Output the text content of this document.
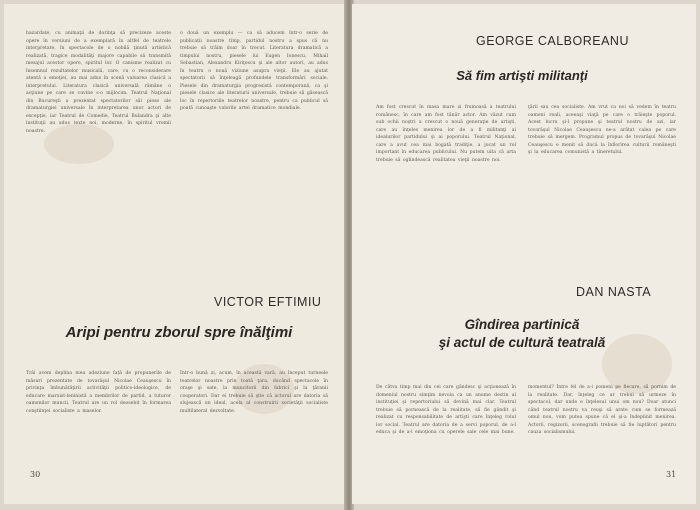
bazardate, cu animaţii de dorinţa să precizeze aceste opere în versiuni de a exemplară în altfel de teatrele interpretate, în spectacole de o nobilă ţinută artistică realizată, tragice modalităţi majore capabile să transmită mesajul acestor opere, spiritul lor. O canisme realizat cu însemnul rezultatelor musicală, care, cu o reconsiderare atentă a emoţiei, au mai adus în scenă valoarea clasică a interpretului. Literatura clasică universală rămâne o acţiune pe care se cuvine s-o mijlocim. Teatrul Naţional din Bucureşti a prezentat spectatorilor săi piese ale dramaturgiei universale în interpretarea unor actori de excepţie, iar Teatrul de Comedie, Teatrul Bulandra şi alte instituţii au adus texte noi, moderne, în spiritul vremii noastre.
o două un exemplu — ca să aducem într-o serie de publicații noastre timp, partidul nostru a spus că nu trebuie să trăim doar în trecut. Literatura dramatică a timpului nostru, piesele lui Eugen Ionescu, Mihail Sebastian, Alexandru Kiriţescu şi ale altor autori, au adus în teatru o nouă viziune asupra vieţii. Ele au ajutat spectatorii să înţeleagă profundele transformări sociale. Piesele din dramaturgia progresistă contemporană, ca şi piesele clasice ale literaturii universale, trebuie să găsească loc în repertoriile teatrelor noastre, pentru ca publicul să poată cunoaşte valorile artei dramatice mondiale.
VICTOR EFTIMIU
Aripi pentru zborul spre înălţimi
Trăi avem deplina mea adeziune față de propunerile de măsuri prezentate de tovarăşul Nicolae Ceauşescu în privinţa îmbunătăţirii activităţii politico-ideologice, de educare marxist-leninistă a membrilor de partid, a tuturor oamenilor muncii. Teatrul are un rol deosebit în formarea conştiinţei socialiste a maselor.
Într-o bună zi, acum, în această vară, au început turneele teatrelor noastre prin toată ţara, ducând spectacole în oraşe şi sate, la muncitorii din fabrici şi la ţăranii cooperatori. Dar ei trebuie să ştie că actorul are datoria să slujească un ideal, acela al construirii societăţii socialiste multilateral dezvoltate.
30
GEORGE CALBOREANU
Să fim artişti militanţi
Am fost crescut în masa mare și frumoasă a teatrului românesc, în care am fost tânăr actor. Am văzut cum sub ochii noştri a crescut o nouă generaţie de artişti, care au înţeles menirea lor de a fi militanţi ai idealurilor partidului şi ai poporului. Teatrul Naţional, care a avut cea mai bogată tradiţie, a jucat un rol important în educarea publicului. Nu putem uita că arta trebuie să oglindească realitatea vieţii noastre noi.
ţării sau cea socialiste. Am vrut ca noi să vedem în teatru oameni reali, aceeaşi viaţă pe care o trăieşte poporul. Acest lucru şi-l propune şi teatrul nostru de azi, iar tovarăşul Nicolae Ceauşescu ne-a arătat calea pe care trebuie să mergem. Programul propus de tovarăşul Nicolae Ceauşescu e menit să ducă la înflorirea culturii româneşti şi la educarea comunistă a tineretului.
DAN NASTA
Gîndirea partinică
şi actul de cultură teatrală
De câtva timp mai din cei care gândesc şi acţionează în domeniul nostru simţim nevoia ca un anume destin al instituţiei şi repertoriului să devină mai clar. Teatrul trebuie să pornească de la realitate, să fie gândit şi realizat cu responsabilitate de artişti care înţeleg rolul lor social. Teatrul are datoria de a servi poporul, de a-l educa şi de a-l emoţiona cu operele sale cele mai bune.
momentul? Între fel de a-i pomeni pe fiecare, să pornim de la realitate. Dar, înţeleg ce ar trebui să urmeze în spectacol, dar unde e înţelesul unui om nou? Doar atunci când teatrul nostru va reuşi să arate cum se formează omul nou, vom putea spune că el şi-a îndeplinit menirea. Actorii, regizorii, scenografii trebuie să fie luptători pentru cauza socialismului.
31
